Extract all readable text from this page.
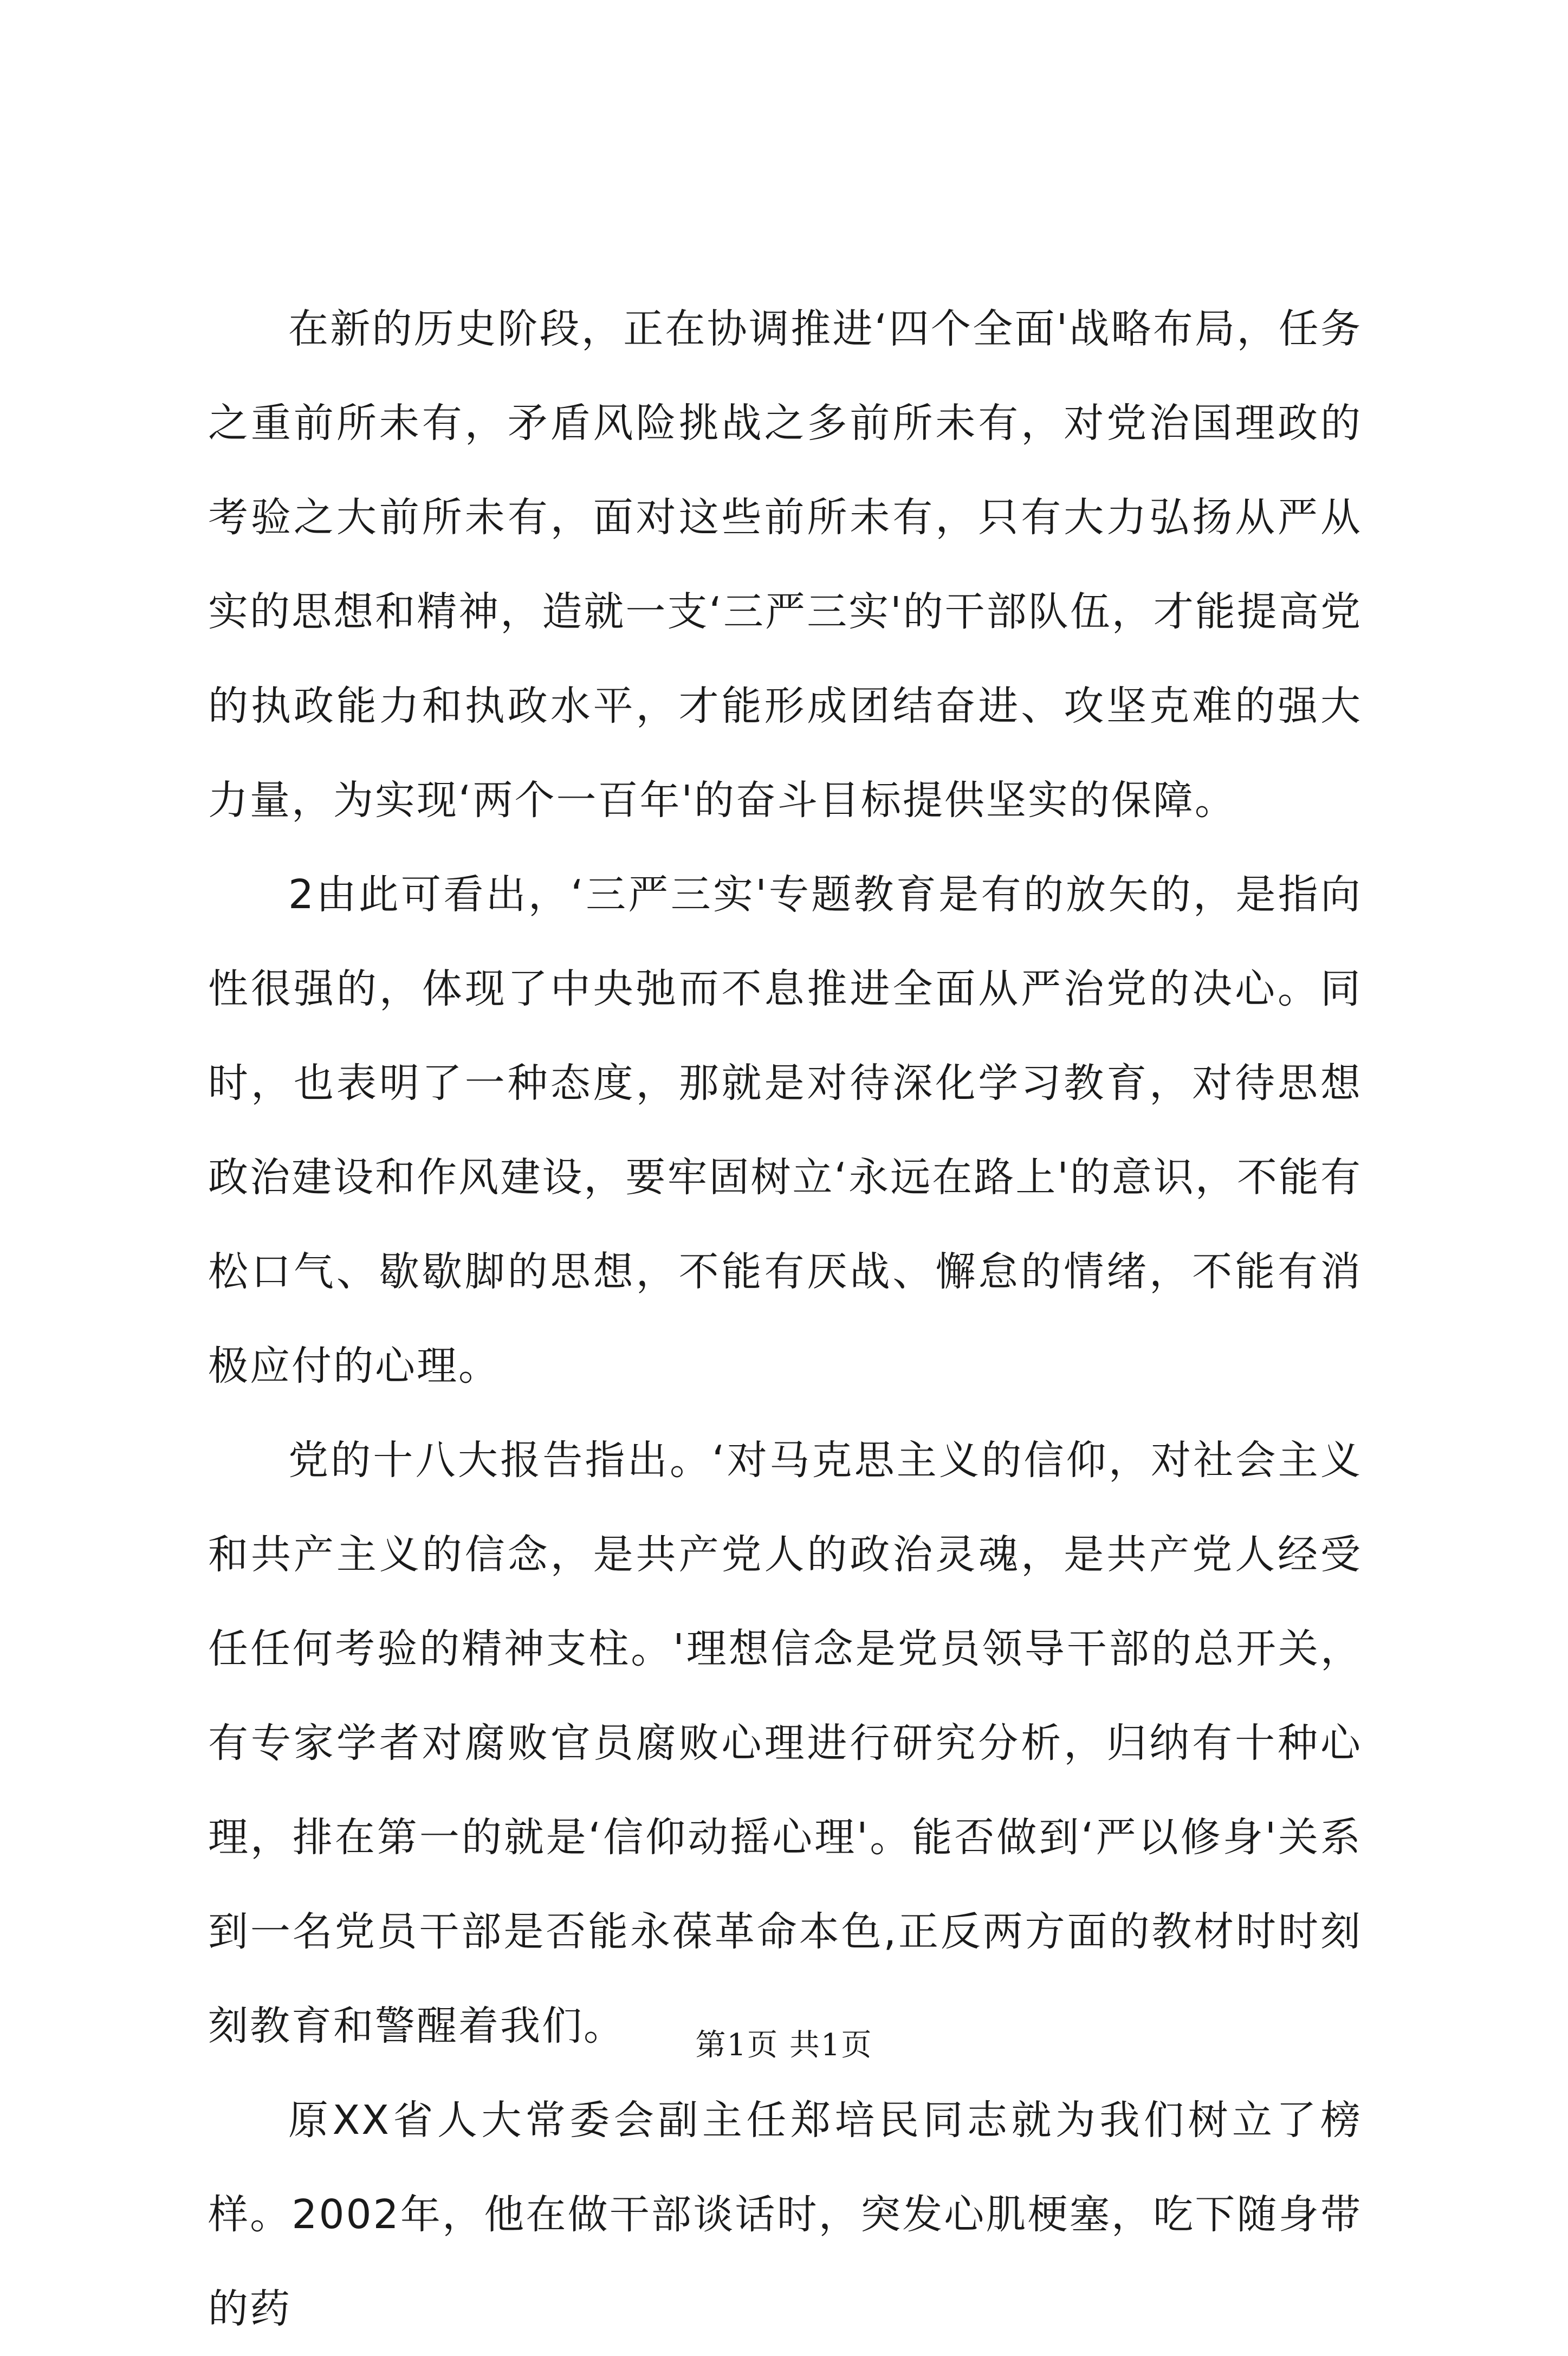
在新的历史阶段，正在协调推进‘四个全面'战略布局，任务之重前所未有，矛盾风险挑战之多前所未有，对党治国理政的考验之大前所未有，面对这些前所未有，只有大力弘扬从严从实的思想和精神，造就一支‘三严三实'的干部队伍，才能提高党的执政能力和执政水平，才能形成团结奋进、攻坚克难的强大力量，为实现‘两个一百年'的奋斗目标提供坚实的保障。

2由此可看出，‘三严三实'专题教育是有的放矢的，是指向性很强的，体现了中央弛而不息推进全面从严治党的决心。同时，也表明了一种态度，那就是对待深化学习教育，对待思想政治建设和作风建设，要牢固树立‘永远在路上'的意识，不能有松口气、歇歇脚的思想，不能有厌战、懈怠的情绪，不能有消极应付的心理。

党的十八大报告指出。‘对马克思主义的信仰，对社会主义和共产主义的信念，是共产党人的政治灵魂，是共产党人经受任任何考验的精神支柱。'理想信念是党员领导干部的总开关，有专家学者对腐败官员腐败心理进行研究分析，归纳有十种心理，排在第一的就是‘信仰动摇心理'。能否做到‘严以修身'关系到一名党员干部是否能永葆革命本色,正反两方面的教材时时刻刻教育和警醒着我们。

原XX省人大常委会副主任郑培民同志就为我们树立了榜样。2002年，他在做干部谈话时，突发心肌梗塞，吃下随身带的药

第1页 共1页
